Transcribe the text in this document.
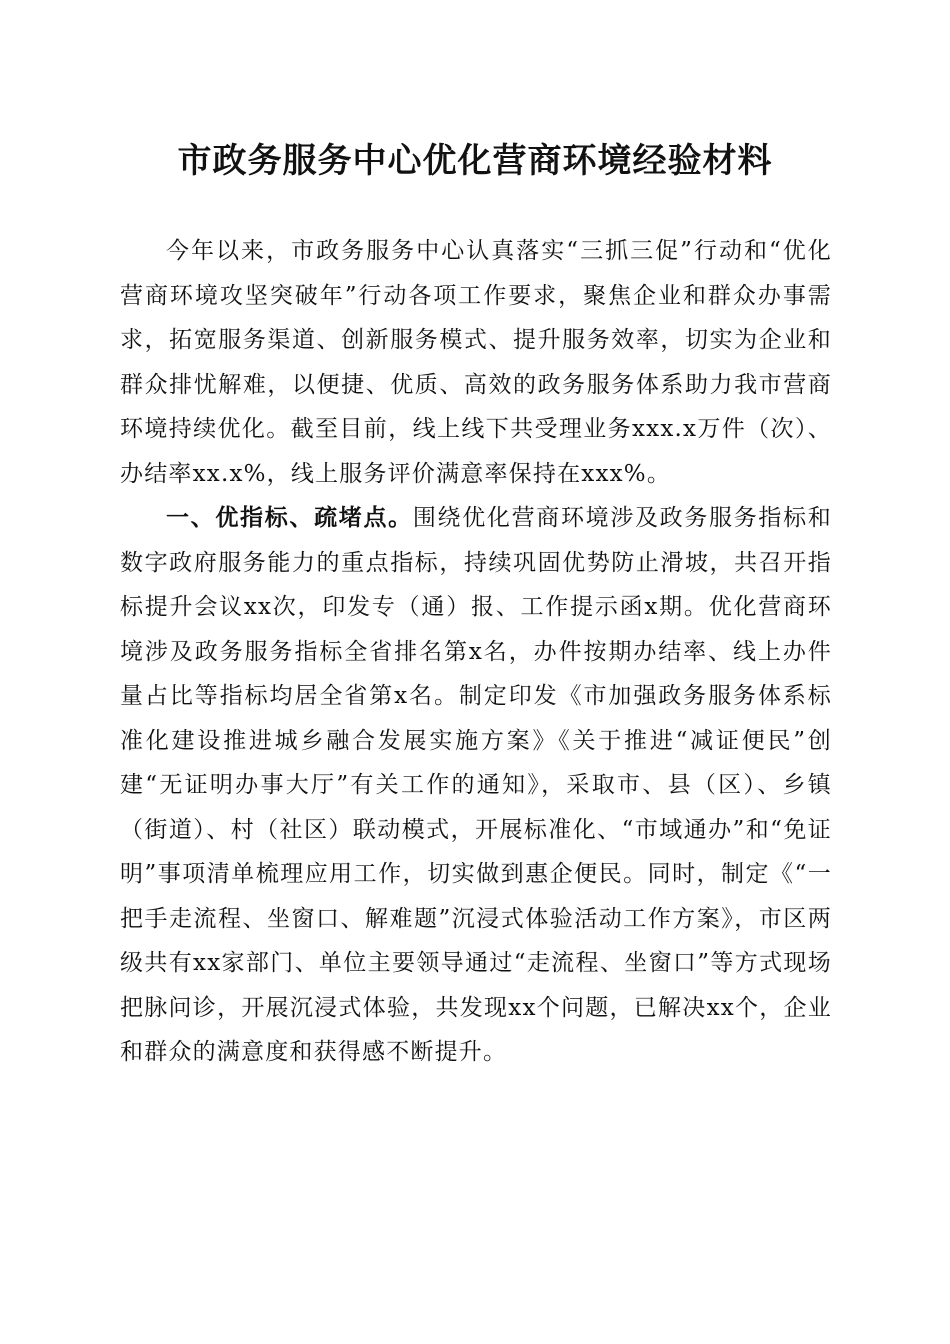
市政务服务中心优化营商环境经验材料

今年以来，市政务服务中心认真落实“三抓三促”行动和“优化营商环境攻坚突破年”行动各项工作要求，聚焦企业和群众办事需求，拓宽服务渠道、创新服务模式、提升服务效率，切实为企业和群众排忧解难，以便捷、优质、高效的政务服务体系助力我市营商环境持续优化。截至目前，线上线下共受理业务xxx.x万件（次）、办结率xx.x%，线上服务评价满意率保持在xxx%。

一、优指标、疏堵点。围绕优化营商环境涉及政务服务指标和数字政府服务能力的重点指标，持续巩固优势防止滑坡，共召开指标提升会议xx次，印发专（通）报、工作提示函x期。优化营商环境涉及政务服务指标全省排名第x名，办件按期办结率、线上办件量占比等指标均居全省第x名。制定印发《市加强政务服务体系标准化建设推进城乡融合发展实施方案》《关于推进“减证便民”创建“无证明办事大厅”有关工作的通知》，采取市、县（区）、乡镇（街道）、村（社区）联动模式，开展标准化、“市域通办”和“免证明”事项清单梳理应用工作，切实做到惠企便民。同时，制定《“一把手走流程、坐窗口、解难题”沉浸式体验活动工作方案》，市区两级共有xx家部门、单位主要领导通过“走流程、坐窗口”等方式现场把脉问诊，开展沉浸式体验，共发现xx个问题，已解决xx个，企业和群众的满意度和获得感不断提升。
